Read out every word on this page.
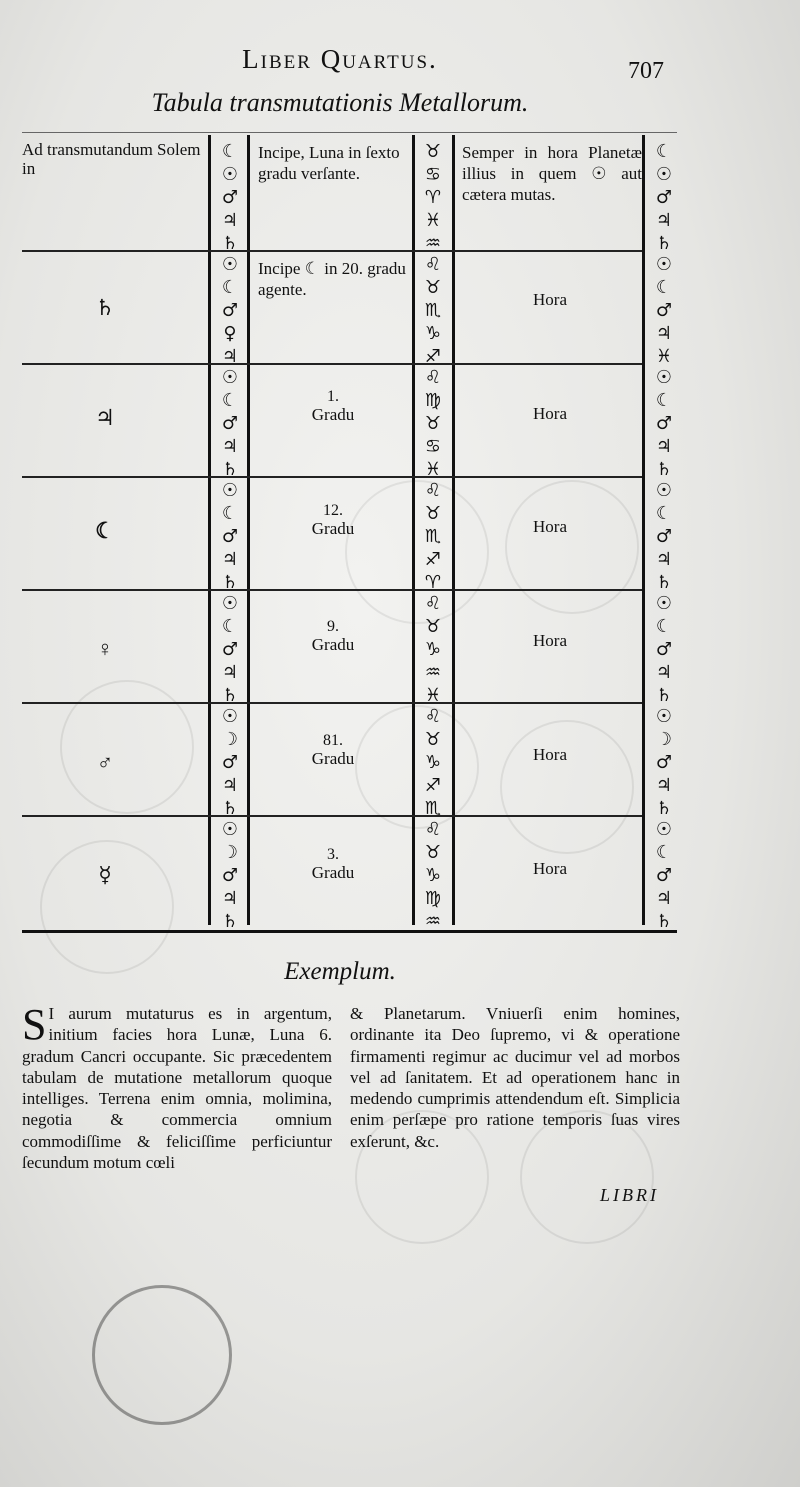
Liber Quartus.	707
Tabula transmutationis Metallorum.
Ad transmutandum Solem in
☾
☉
♂
♃
♄
Incipe, Luna in ſexto gradu verſante.
♉
♋
♈
♓
♒
Semper in hora Planetæ illius in quem ☉ aut cætera mutas.
☾
☉
♂
♃
♄
♄
☉
☾
♂
♀
♃
Incipe ☾ in 20. gradu agente.
♌
♉
♏
♑
♐
Hora
☉
☾
♂
♃
♓
♃
☉
☾
♂
♃
♄
1.
Gradu
♌
♍
♉
♋
♓
Hora
☉
☾
♂
♃
♄
☾
☉
☾
♂
♃
♄
12.
Gradu
♌
♉
♏
♐
♈
Hora
☉
☾
♂
♃
♄
♀
☉
☾
♂
♃
♄
9.
Gradu
♌
♉
♑
♒
♓
Hora
☉
☾
♂
♃
♄
♂
☉
☽
♂
♃
♄
81.
Gradu
♌
♉
♑
♐
♏
Hora
☉
☽
♂
♃
♄
☿
☉
☽
♂
♃
♄
3.
Gradu
♌
♉
♑
♍
♒
Hora
☉
☾
♂
♃
♄
Exemplum.
S I aurum mutaturus es in argentum, initium facies hora Lunæ, Luna 6. gradum Cancri occupante. Sic præcedentem tabulam de mutatione metallorum quoque intelliges. Terrena enim omnia, molimina, negotia & commercia omnium commodiſſime & feliciſſime perficiuntur ſecundum motum cœli
& Planetarum. Vniuerſi enim homines, ordinante ita Deo ſupremo, vi & operatione firmamenti regimur ac ducimur vel ad morbos vel ad ſanitatem. Et ad operationem hanc in medendo cumprimis attendendum eſt. Simplicia enim perſæpe pro ratione temporis ſuas vires exſerunt, &c.
LIBRI
